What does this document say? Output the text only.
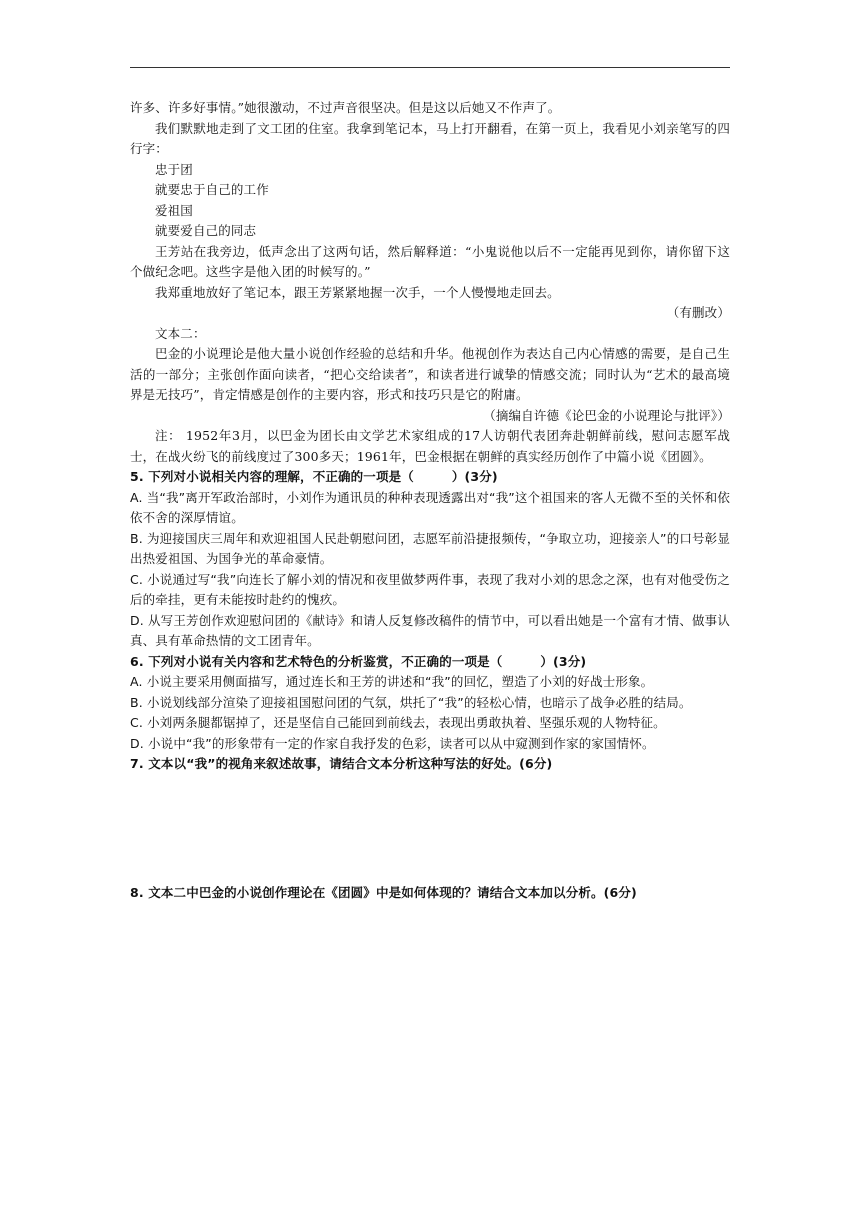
许多、许多好事情。”她很激动，不过声音很坚决。但是这以后她又不作声了。

我们默默地走到了文工团的住室。我拿到笔记本，马上打开翻看，在第一页上，我看见小刘亲笔写的四行字：

忠于团

就要忠于自己的工作

爱祖国

就要爱自己的同志

王芳站在我旁边，低声念出了这两句话，然后解释道：“小鬼说他以后不一定能再见到你，请你留下这个做纪念吧。这些字是他入团的时候写的。”

我郑重地放好了笔记本，跟王芳紧紧地握一次手，一个人慢慢地走回去。

（有删改）

文本二：

巴金的小说理论是他大量小说创作经验的总结和升华。他视创作为表达自己内心情感的需要，是自己生活的一部分；主张创作面向读者，“把心交给读者”，和读者进行诚挚的情感交流；同时认为“艺术的最高境界是无技巧”，肯定情感是创作的主要内容，形式和技巧只是它的附庸。

（摘编自许德《论巴金的小说理论与批评》）

注： 1952年3月，以巴金为团长由文学艺术家组成的17人访朝代表团奔赴朝鲜前线，慰问志愿军战士，在战火纷飞的前线度过了300多天；1961年，巴金根据在朝鲜的真实经历创作了中篇小说《团圆》。

5. 下列对小说相关内容的理解，不正确的一项是（　　　）(3分)

A. 当“我”离开军政治部时，小刘作为通讯员的种种表现透露出对“我”这个祖国来的客人无微不至的关怀和依依不舍的深厚情谊。

B. 为迎接国庆三周年和欢迎祖国人民赴朝慰问团，志愿军前沿捷报频传，“争取立功，迎接亲人”的口号彰显出热爱祖国、为国争光的革命豪情。

C. 小说通过写“我”向连长了解小刘的情况和夜里做梦两件事，表现了我对小刘的思念之深，也有对他受伤之后的牵挂，更有未能按时赴约的愧疚。

D. 从写王芳创作欢迎慰问团的《献诗》和请人反复修改稿件的情节中，可以看出她是一个富有才情、做事认真、具有革命热情的文工团青年。

6. 下列对小说有关内容和艺术特色的分析鉴赏，不正确的一项是（　　　）(3分)

A. 小说主要采用侧面描写，通过连长和王芳的讲述和“我”的回忆，塑造了小刘的好战士形象。

B. 小说划线部分渲染了迎接祖国慰问团的气氛，烘托了“我”的轻松心情，也暗示了战争必胜的结局。

C. 小刘两条腿都锯掉了，还是坚信自己能回到前线去，表现出勇敢执着、坚强乐观的人物特征。

D. 小说中“我”的形象带有一定的作家自我抒发的色彩，读者可以从中窥测到作家的家国情怀。

7. 文本以“我”的视角来叙述故事，请结合文本分析这种写法的好处。(6分)

8. 文本二中巴金的小说创作理论在《团圆》中是如何体现的？请结合文本加以分析。(6分)
